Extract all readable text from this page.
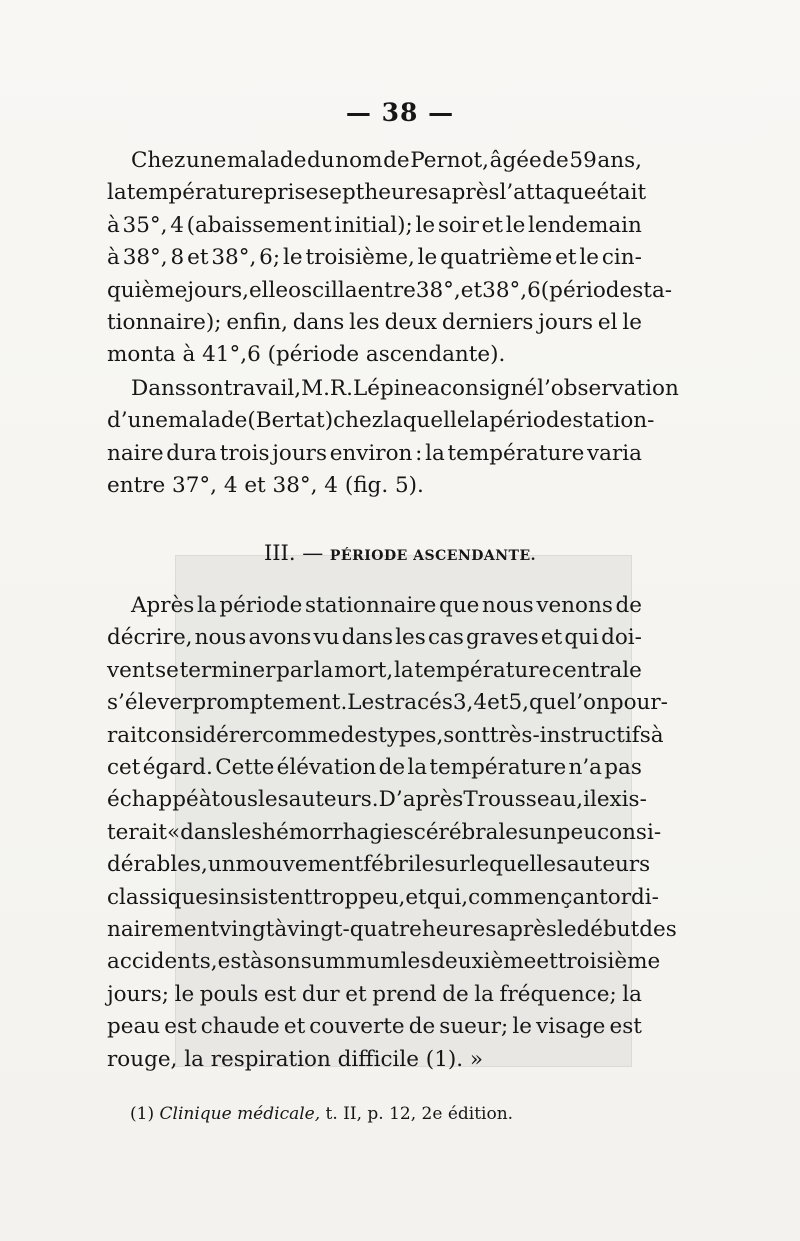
— 38 —
Chez une malade du nom de Pernot, âgée de 59 ans,
la température prise sept heures après l’attaque était
à 35°, 4 (abaissement initial); le soir et le lendemain
à 38°, 8 et 38°, 6; le troisième, le quatrième et le cin-
quième jours, elle oscilla entre 38°, et 38°, 6 (période sta-
tionnaire); enfin, dans les deux derniers jours el le
monta à 41°,6 (période ascendante).
Dans son travail, M. R. Lépine a consigné l’observation
d’une malade (Bertat) chez laquelle la période station-
naire dura trois jours environ : la température varia
entre 37°, 4 et 38°, 4 (fig. 5).
III. — PÉRIODE ASCENDANTE.
Après la période stationnaire que nous venons de
décrire, nous avons vu dans les cas graves et qui doi-
vent se terminer par la mort, la température centrale
s’élever promptement. Les tracés 3, 4 et 5, que l’on pour-
rait considérer comme des types, sont très-instructifs à
cet égard. Cette élévation de la température n’a pas
échappé à tous les auteurs. D’après Trousseau, il exis-
terait « dans les hémorrhagies cérébrales un peu consi-
dérables, un mouvement fébrile sur lequel les auteurs
classiques insistent trop peu, et qui, commençant ordi-
nairement vingt à vingt-quatre heures après le début des
accidents, est à son summum les deuxième et troisième
jours; le pouls est dur et prend de la fréquence; la
peau est chaude et couverte de sueur; le visage est
rouge, la respiration difficile (1). »
(1) Clinique médicale, t. II, p. 12, 2e édition.
